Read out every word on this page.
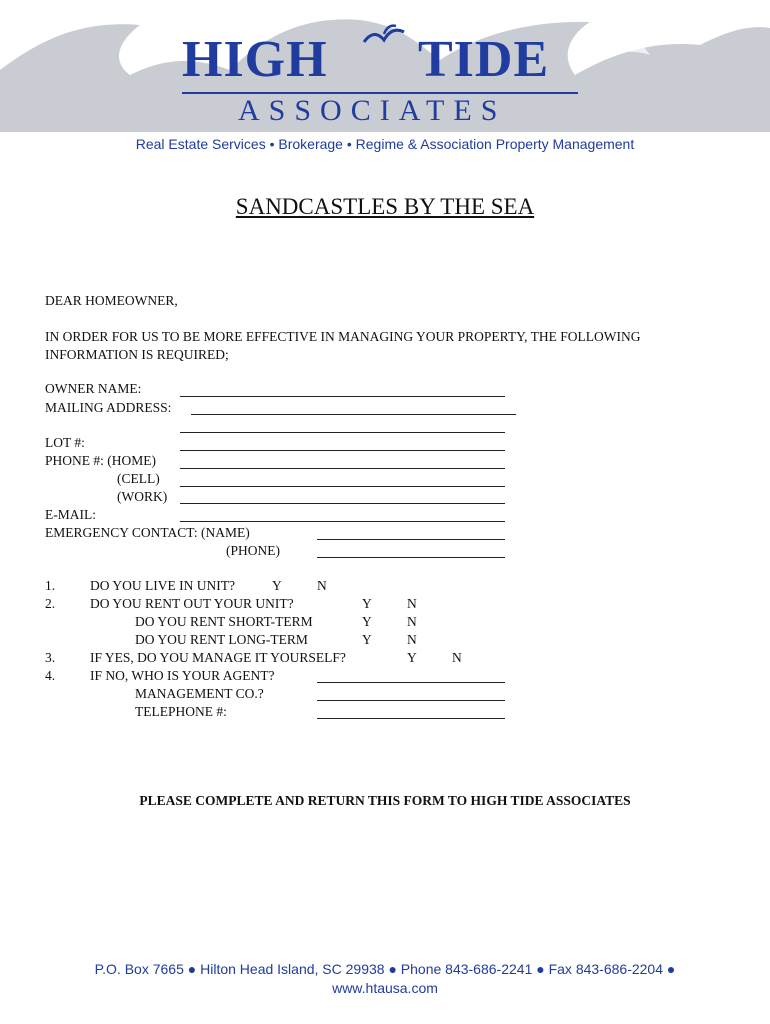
HIGH TIDE
ASSOCIATES
Real Estate Services • Brokerage • Regime & Association Property Management
SANDCASTLES BY THE SEA
DEAR HOMEOWNER,
IN ORDER FOR US TO BE MORE EFFECTIVE IN MANAGING YOUR PROPERTY, THE FOLLOWING
INFORMATION IS REQUIRED;
OWNER NAME:
MAILING ADDRESS:
LOT #:
PHONE #: (HOME)
(CELL)
(WORK)
E-MAIL:
EMERGENCY CONTACT: (NAME)
(PHONE)
1.	DO YOU LIVE IN UNIT?	Y	N
2.	DO YOU RENT OUT YOUR UNIT?	Y	N
DO YOU RENT SHORT-TERM	Y	N
DO YOU RENT LONG-TERM	Y	N
3.	IF YES, DO YOU MANAGE IT YOURSELF?	Y	N
4.	IF NO, WHO IS YOUR AGENT?
MANAGEMENT CO.?
TELEPHONE #:
PLEASE COMPLETE AND RETURN THIS FORM TO HIGH TIDE ASSOCIATES
P.O. Box 7665 ● Hilton Head Island, SC 29938 ● Phone 843-686-2241 ● Fax 843-686-2204 ●
www.htausa.com
